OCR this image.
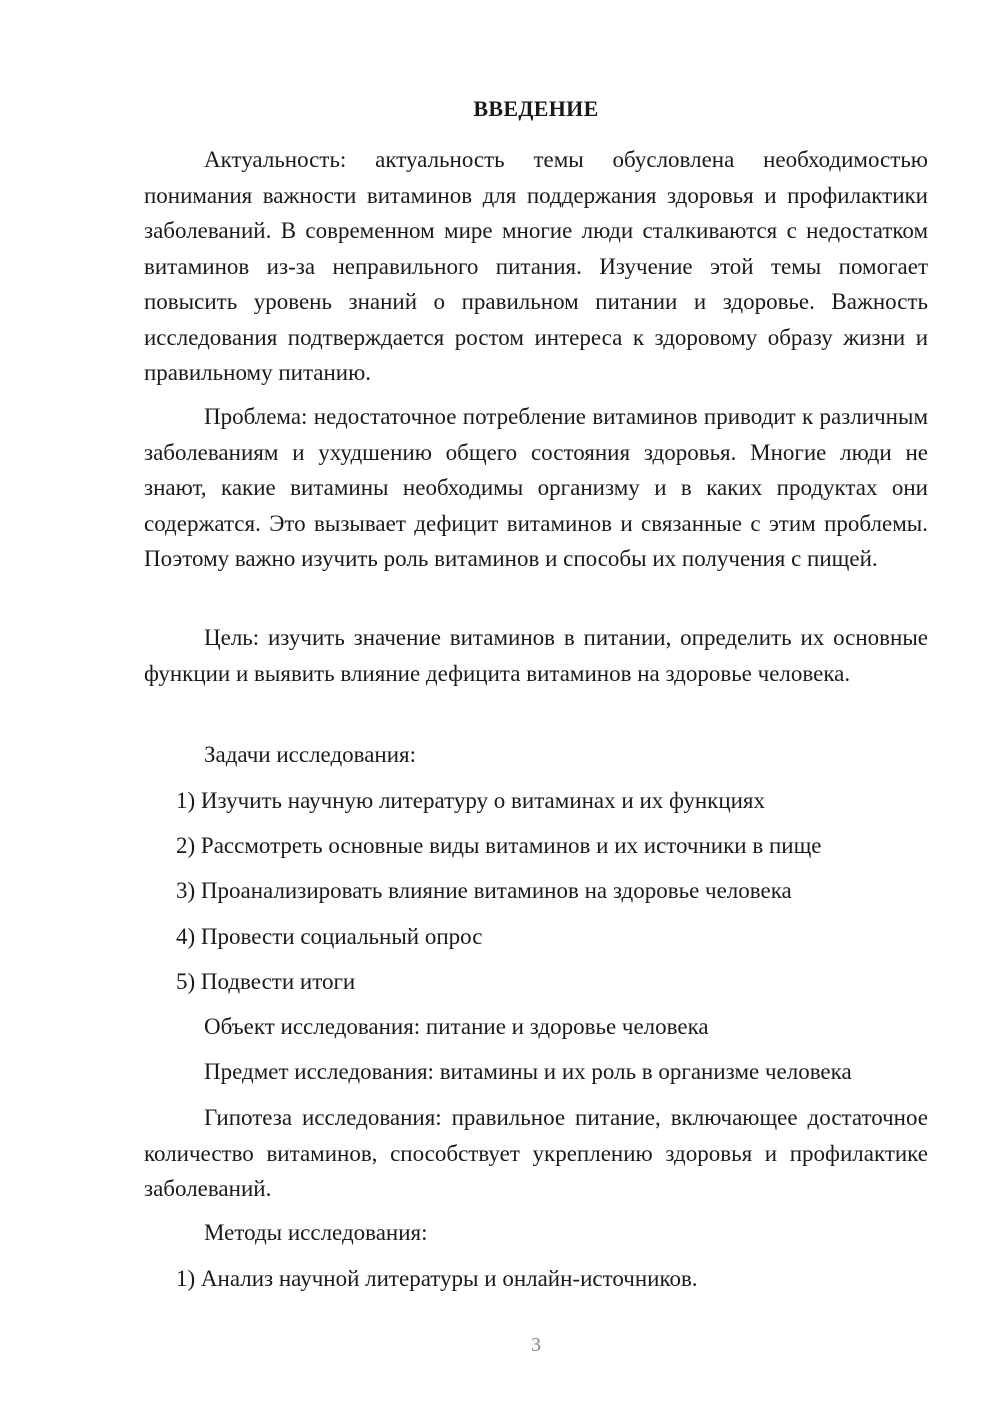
ВВЕДЕНИЕ

Актуальность: актуальность темы обусловлена необходимостью понимания важности витаминов для поддержания здоровья и профилактики заболеваний. В современном мире многие люди сталкиваются с недостатком витаминов из-за неправильного питания. Изучение этой темы помогает повысить уровень знаний о правильном питании и здоровье. Важность исследования подтверждается ростом интереса к здоровому образу жизни и правильному питанию.

Проблема: недостаточное потребление витаминов приводит к различным заболеваниям и ухудшению общего состояния здоровья. Многие люди не знают, какие витамины необходимы организму и в каких продуктах они содержатся. Это вызывает дефицит витаминов и связанные с этим проблемы. Поэтому важно изучить роль витаминов и способы их получения с пищей.

Цель: изучить значение витаминов в питании, определить их основные функции и выявить влияние дефицита витаминов на здоровье человека.

Задачи исследования:

1) Изучить научную литературу о витаминах и их функциях

2) Рассмотреть основные виды витаминов и их источники в пище

3) Проанализировать влияние витаминов на здоровье человека

4) Провести социальный опрос

5) Подвести итоги

Объект исследования: питание и здоровье человека

Предмет исследования: витамины и их роль в организме человека

Гипотеза исследования: правильное питание, включающее достаточное количество витаминов, способствует укреплению здоровья и профилактике заболеваний.

Методы исследования:

1) Анализ научной литературы и онлайн-источников.

3
